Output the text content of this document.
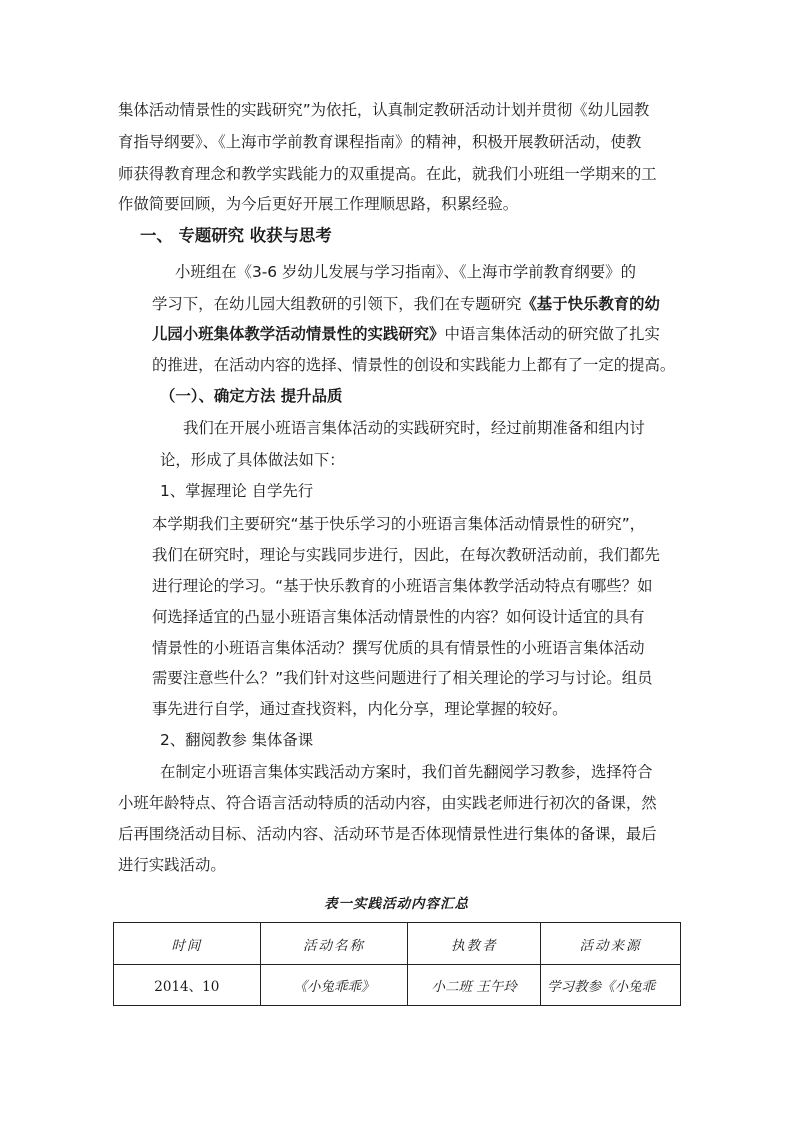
集体活动情景性的实践研究”为依托，认真制定教研活动计划并贯彻《幼儿园教
育指导纲要》、《上海市学前教育课程指南》的精神，积极开展教研活动，使教
师获得教育理念和教学实践能力的双重提高。在此，就我们小班组一学期来的工
作做简要回顾，为今后更好开展工作理顺思路，积累经验。
一、 专题研究 收获与思考
小班组在《3-6 岁幼儿发展与学习指南》、《上海市学前教育纲要》的
学习下，在幼儿园大组教研的引领下，我们在专题研究《基于快乐教育的幼
儿园小班集体教学活动情景性的实践研究》中语言集体活动的研究做了扎实
的推进，在活动内容的选择、情景性的创设和实践能力上都有了一定的提高。
（一）、确定方法 提升品质
我们在开展小班语言集体活动的实践研究时，经过前期准备和组内讨
论，形成了具体做法如下：
1、掌握理论 自学先行
本学期我们主要研究“基于快乐学习的小班语言集体活动情景性的研究”，
我们在研究时，理论与实践同步进行，因此，在每次教研活动前，我们都先
进行理论的学习。“基于快乐教育的小班语言集体教学活动特点有哪些？如
何选择适宜的凸显小班语言集体活动情景性的内容？如何设计适宜的具有
情景性的小班语言集体活动？撰写优质的具有情景性的小班语言集体活动
需要注意些什么？”我们针对这些问题进行了相关理论的学习与讨论。组员
事先进行自学，通过查找资料，内化分享，理论掌握的较好。
2、翻阅教参 集体备课
在制定小班语言集体实践活动方案时，我们首先翻阅学习教参，选择符合
小班年龄特点、符合语言活动特质的活动内容，由实践老师进行初次的备课，然
后再围绕活动目标、活动内容、活动环节是否体现情景性进行集体的备课，最后
进行实践活动。
表一实践活动内容汇总
时间	活动名称	执教者	活动来源
2014、10	《小兔乖乖》	小二班 王午玲	学习教参《小兔乖
